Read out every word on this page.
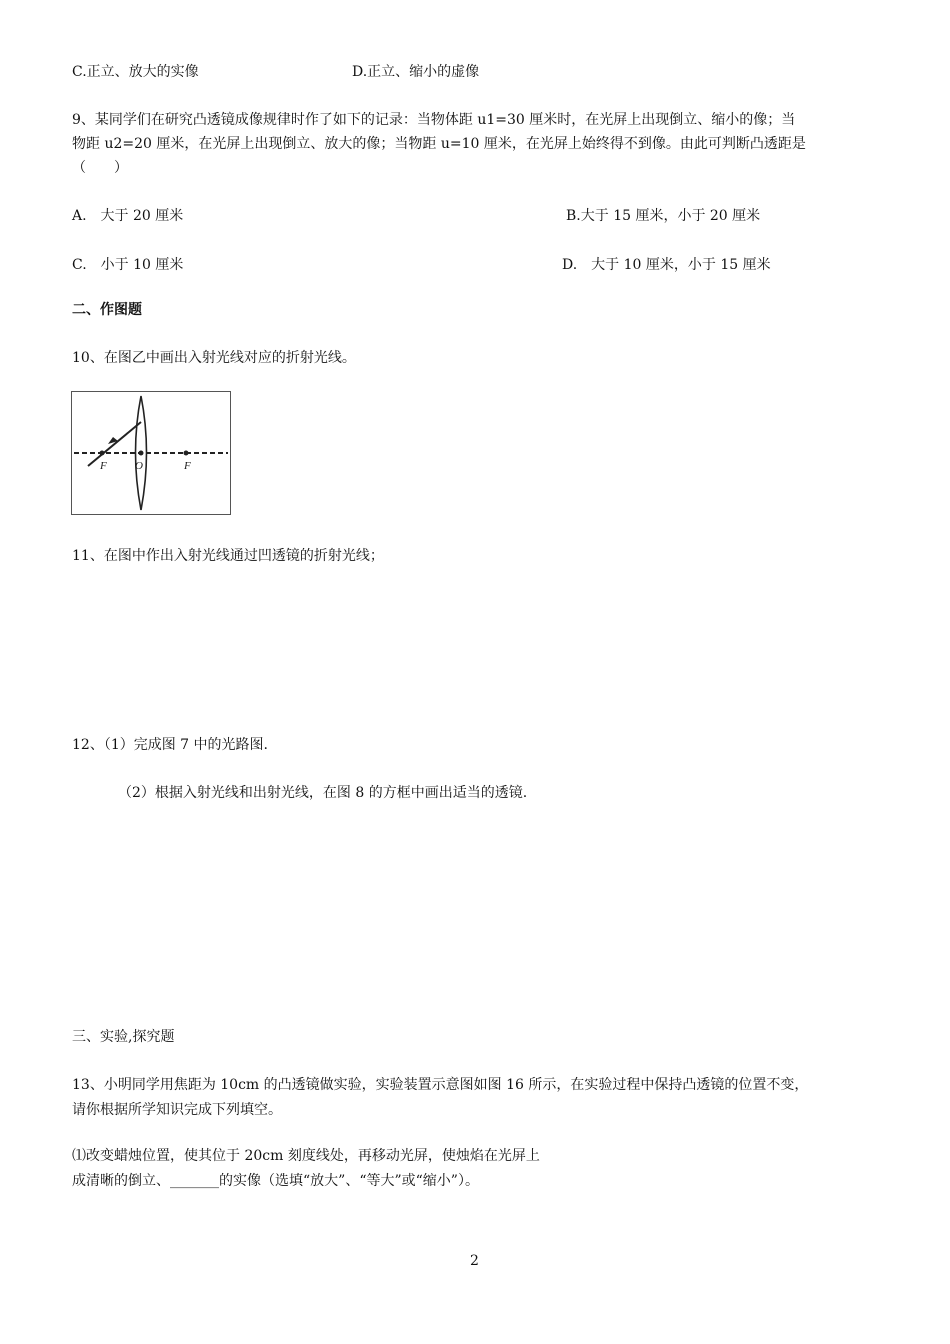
C.正立、放大的实像	D.正立、缩小的虚像
9、某同学们在研究凸透镜成像规律时作了如下的记录：当物体距 u1=30 厘米时，在光屏上出现倒立、缩小的像；当
物距 u2=20 厘米，在光屏上出现倒立、放大的像；当物距 u=10 厘米，在光屏上始终得不到像。由此可判断凸透距是
（　　）
A.　大于 20 厘米	B.大于 15 厘米，小于 20 厘米
C.　小于 10 厘米	D.　大于 10 厘米，小于 15 厘米
二、作图题
10、在图乙中画出入射光线对应的折射光线。
F	O	F
11、在图中作出入射光线通过凹透镜的折射光线；
12、（1）完成图 7 中的光路图.
（2）根据入射光线和出射光线，在图 8 的方框中画出适当的透镜.
三、实验,探究题
13、小明同学用焦距为 10cm 的凸透镜做实验，实验装置示意图如图 16 所示，在实验过程中保持凸透镜的位置不变，
请你根据所学知识完成下列填空。
⑴改变蜡烛位置，使其位于 20cm 刻度线处，再移动光屏，使烛焰在光屏上
成清晰的倒立、_______的实像（选填“放大”、“等大”或“缩小”）。
2
